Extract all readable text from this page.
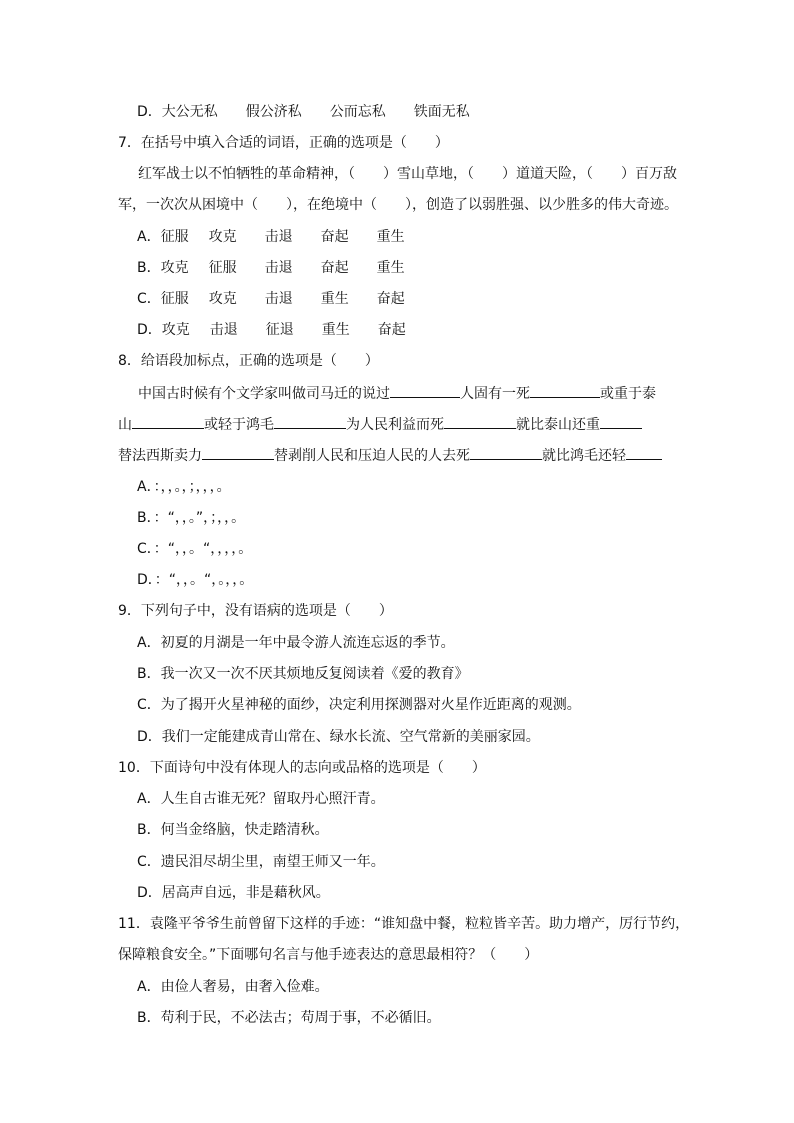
D．大公无私 假公济私 公而忘私 铁面无私
7．在括号中填入合适的词语，正确的选项是（　　）
红军战士以不怕牺牲的革命精神，（　　）雪山草地，（　　）道道天险，（　　）百万敌
军，一次次从困境中（　　），在绝境中（　　），创造了以弱胜强、以少胜多的伟大奇迹。
A．征服 攻克 击退 奋起 重生
B．攻克 征服 击退 奋起 重生
C．征服 攻克 击退 重生 奋起
D．攻克 击退 征退 重生 奋起
8．给语段加标点，正确的选项是（　　）
中国古时候有个文学家叫做司马迁的说过	人固有一死	或重于泰
山	或轻于鸿毛	为人民利益而死	就比泰山还重
替法西斯卖力	替剥削人民和压迫人民的人去死	就比鸿毛还轻
A．：，，。，；，，，。
B．：“，，。”，；，，。
C．：“，，。“，，，，。
D．：“，，。“，。，，。
9．下列句子中，没有语病的选项是（　　）
A．初夏的月湖是一年中最令游人流连忘返的季节。
B．我一次又一次不厌其烦地反复阅读着《爱的教育》
C．为了揭开火星神秘的面纱，决定利用探测器对火星作近距离的观测。
D．我们一定能建成青山常在、绿水长流、空气常新的美丽家园。
10．下面诗句中没有体现人的志向或品格的选项是（　　）
A．人生自古谁无死？留取丹心照汗青。
B．何当金络脑，快走踏清秋。
C．遗民泪尽胡尘里，南望王师又一年。
D．居高声自远，非是藉秋风。
11．袁隆平爷爷生前曾留下这样的手迹：“谁知盘中餐，粒粒皆辛苦。助力增产，厉行节约，
保障粮食安全。”下面哪句名言与他手迹表达的意思最相符？（　　）
A．由俭人奢易，由奢入俭难。
B．苟利于民，不必法古；苟周于事，不必循旧。
